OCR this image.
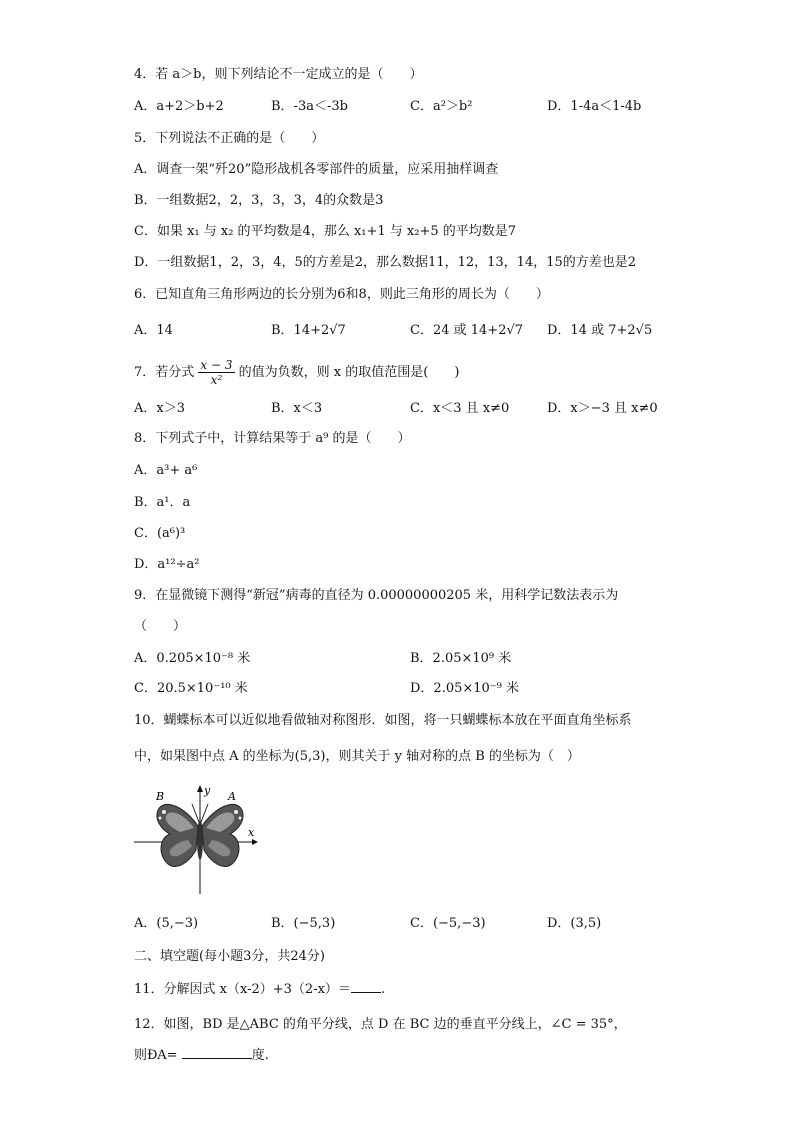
4．若 a＞b，则下列结论不一定成立的是（　　）
A．a+2＞b+2	B．-3a＜-3b	C．a²＞b²	D．1-4a＜1-4b
5．下列说法不正确的是（　　）
A．调查一架“歼20”隐形战机各零部件的质量，应采用抽样调查
B．一组数据2，2，3，3，3，4的众数是3
C．如果 x₁ 与 x₂ 的平均数是4，那么 x₁+1 与 x₂+5 的平均数是7
D．一组数据1，2，3，4，5的方差是2，那么数据11，12，13，14，15的方差也是2
6．已知直角三角形两边的长分别为6和8，则此三角形的周长为（　　）
A．14	B．14+2√7	C．24 或 14+2√7 D．14 或 7+2√5
7．若分式 $\frac{x - 3}{\text{x²}}$ 的值为负数，则 x 的取值范围是(　　)
A．x＞3	B．x＜3	C．x＜3 且 x≠0	D．x＞−3 且 x≠0
8．下列式子中，计算结果等于 a⁹ 的是（　　）
A．a³+ a⁶
B．a¹．a
C．(a⁶)³
D．a¹²÷a²
9．在显微镜下测得“新冠”病毒的直径为 0.00000000205 米，用科学记数法表示为
（　　）
A．0.205×10⁻⁸ 米	B．2.05×10⁹ 米
C．20.5×10⁻¹⁰ 米	D．2.05×10⁻⁹ 米
10．蝴蝶标本可以近似地看做轴对称图形．如图，将一只蝴蝶标本放在平面直角坐标系
中，如果图中点 A 的坐标为(5,3)，则其关于 y 轴对称的点 B 的坐标为（　）
B	A
y
x
A．(5,−3)	B．(−5,3)	C．(−5,−3)	D．(3,5)
二、填空题(每小题3分，共24分)
11．分解因式 x（x-2）+3（2-x）＝ .
12．如图，BD 是△ABC 的角平分线，点 D 在 BC 边的垂直平分线上，∠C = 35°，
则ÐA=	度.
